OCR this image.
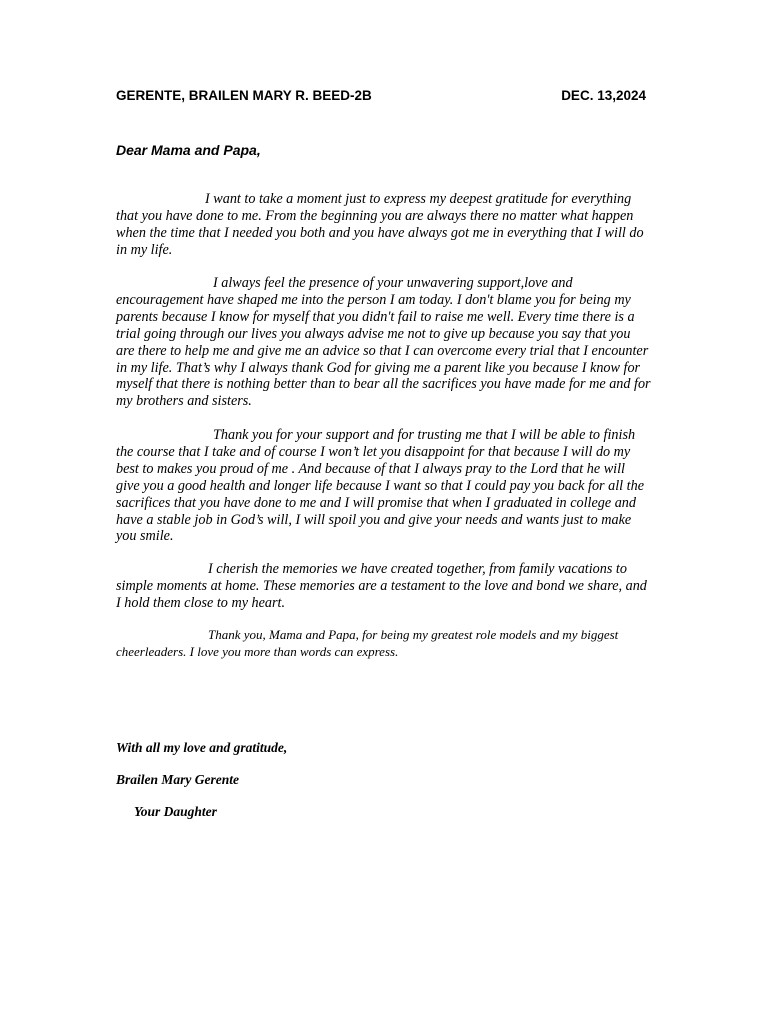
GERENTE, BRAILEN MARY R. BEED-2B	DEC. 13,2024
Dear Mama and Papa,

I want to take a moment just to express my deepest gratitude for everything that you have done to me. From the beginning you are always there no matter what happen when the time that I needed you both and you have always got me in everything that I will do in my life.

I always feel the presence of your unwavering support,love and encouragement have shaped me into the person I am today. I don't blame you for being my parents because I know for myself that you didn't fail to raise me well. Every time there is a trial going through our lives you always advise me not to give up because you say that you are there to help me and give me an advice so that I can overcome every trial that I encounter in my life. That’s why I always thank God for giving me a parent like you because I know for myself that there is nothing better than to bear all the sacrifices you have made for me and for my brothers and sisters.

Thank you for your support and for trusting me that I will be able to finish the course that I take and of course I won’t let you disappoint for that because I will do my best to makes you proud of me . And because of that I always pray to the Lord that he will give you a good health and longer life because I want so that I could pay you back for all the sacrifices that you have done to me and I will promise that when I graduated in college and have a stable job in God’s will, I will spoil you and give your needs and wants just to make you smile.

I cherish the memories we have created together, from family vacations to simple moments at home. These memories are a testament to the love and bond we share, and I hold them close to my heart.

Thank you, Mama and Papa, for being my greatest role models and my biggest cheerleaders. I love you more than words can express.

With all my love and gratitude,
Brailen Mary Gerente
Your Daughter
